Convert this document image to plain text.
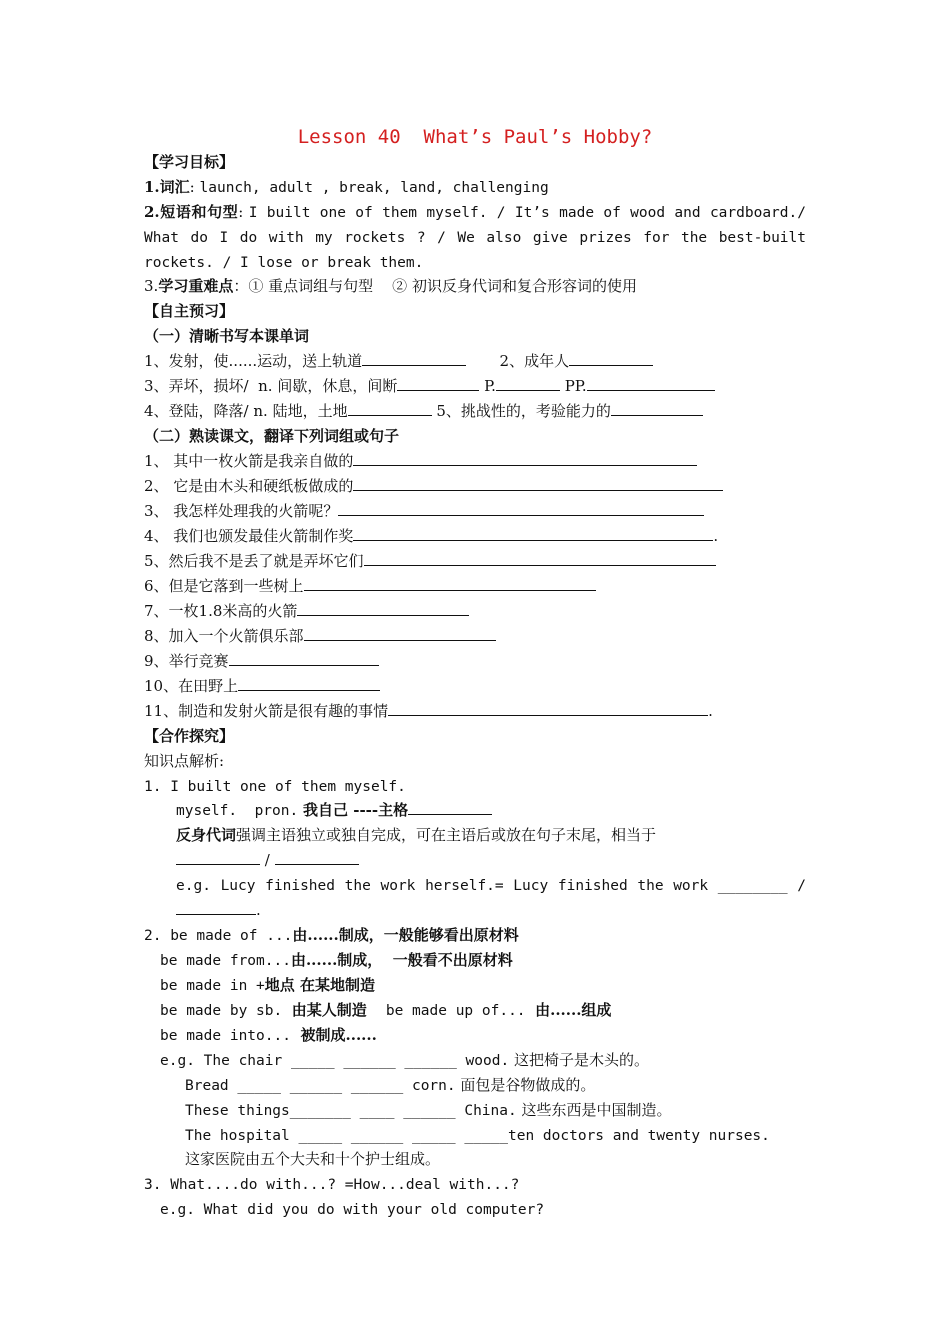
Lesson 40  What’s Paul’s Hobby?
【学习目标】
1.词汇: launch, adult , break, land, challenging
2.短语和句型: I built one of them myself. / It’s made of wood and cardboard./
What do I do with my rockets ? / We also give prizes for the best-built
rockets. / I lose or break them.
3.学习重难点：① 重点词组与句型    ② 初识反身代词和复合形容词的使用
【自主预习】
（一）清晰书写本课单词
1、发射，使......运动，送上轨道	2、成年人
3、弄坏，损坏/  n. 间歇，休息，间断	P.	PP.
4、登陆，降落/ n. 陆地，土地	5、挑战性的，考验能力的
（二）熟读课文，翻译下列词组或句子
1、 其中一枚火箭是我亲自做的
2、 它是由木头和硬纸板做成的
3、 我怎样处理我的火箭呢？
4、 我们也颁发最佳火箭制作奖	.
5、然后我不是丢了就是弄坏它们
6、但是它落到一些树上
7、一枚1.8米高的火箭
8、加入一个火箭俱乐部
9、举行竞赛
10、在田野上
11、制造和发射火箭是很有趣的事情	.
【合作探究】
知识点解析:
1. I built one of them myself.
myself.  pron. 我自己 ----主格
反身代词强调主语独立或独自完成，可在主语后或放在句子末尾，相当于
/
e.g. Lucy finished the work herself.= Lucy finished the work ________ /
.
2. be made of ...由......制成，一般能够看出原材料
be made from...由......制成，  一般看不出原材料
be made in +地点 在某地制造
be made by sb. 由某人制造 be made up of... 由......组成
be made into... 被制成......
e.g. The chair _____ ______ ______ wood. 这把椅子是木头的。
Bread _____ ______ ______ corn. 面包是谷物做成的。
These things_______ ____ ______ China. 这些东西是中国制造。
The hospital _____ ______ _____ _____ten doctors and twenty nurses.
这家医院由五个大夫和十个护士组成。
3. What....do with...? =How...deal with...?
e.g. What did you do with your old computer?
